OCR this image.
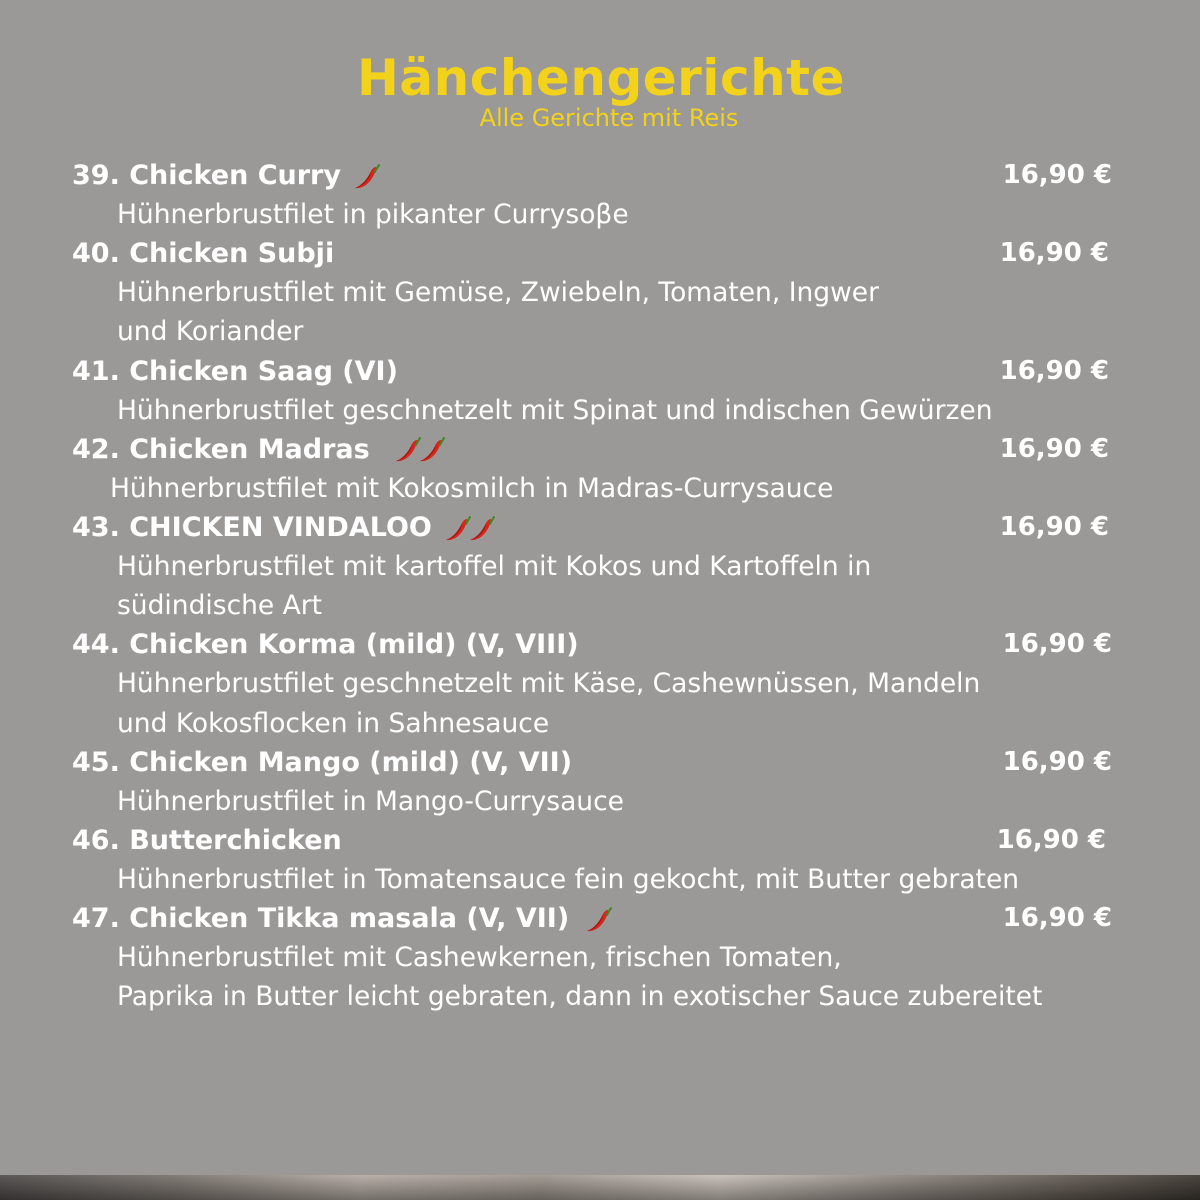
Hänchengerichte
Alle Gerichte mit Reis
39. Chicken Curry	16,90 €
Hühnerbrustfilet in pikanter Currysoβe
40. Chicken Subji	16,90 €
Hühnerbrustfilet mit Gemüse, Zwiebeln, Tomaten, Ingwer
und Koriander
41. Chicken Saag (VI)	16,90 €
Hühnerbrustfilet geschnetzelt mit Spinat und indischen Gewürzen
42. Chicken Madras	16,90 €
Hühnerbrustfilet mit Kokosmilch in Madras-Currysauce
43. CHICKEN VINDALOO	16,90 €
Hühnerbrustfilet mit kartoffel mit Kokos und Kartoffeln in
südindische Art
44. Chicken Korma (mild) (V, VIII)	16,90 €
Hühnerbrustfilet geschnetzelt mit Käse, Cashewnüssen, Mandeln
und Kokosflocken in Sahnesauce
45. Chicken Mango (mild) (V, VII)	16,90 €
Hühnerbrustfilet in Mango-Currysauce
46. Butterchicken	16,90 €
Hühnerbrustfilet in Tomatensauce fein gekocht, mit Butter gebraten
47. Chicken Tikka masala (V, VII)	16,90 €
Hühnerbrustfilet mit Cashewkernen, frischen Tomaten,
Paprika in Butter leicht gebraten, dann in exotischer Sauce zubereitet
